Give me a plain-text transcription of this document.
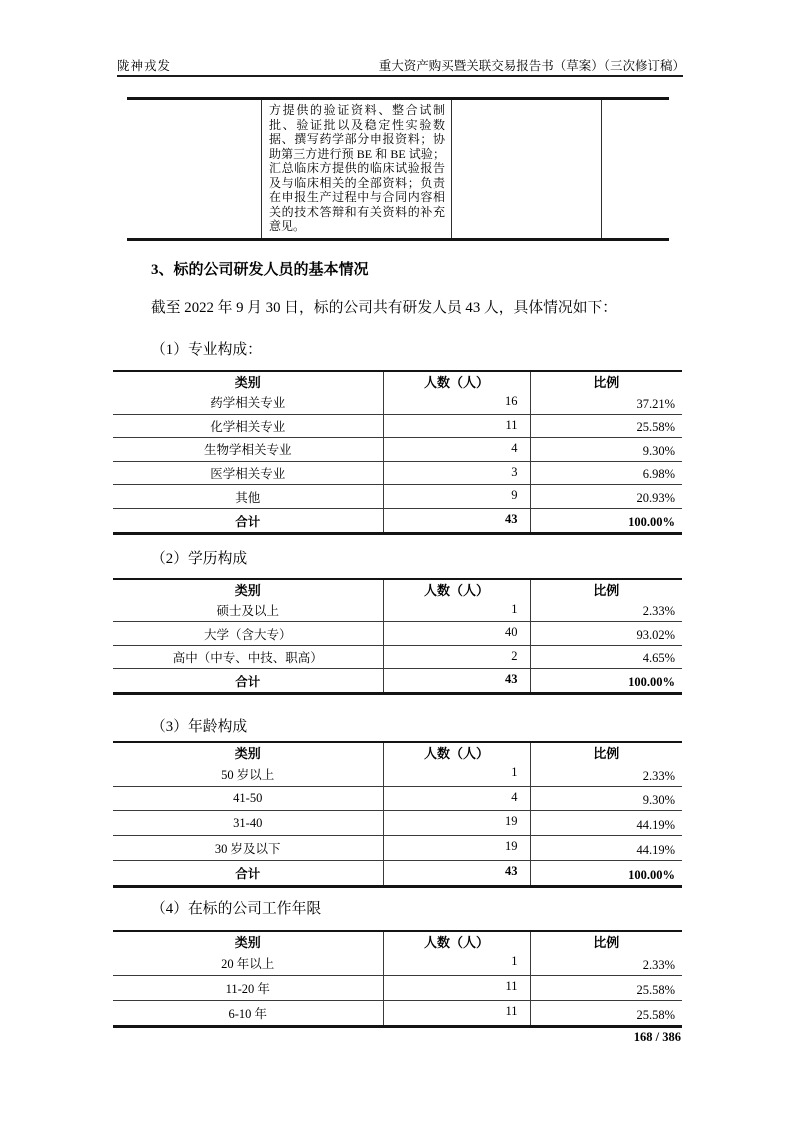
陇神戎发	重大资产购买暨关联交易报告书（草案）（三次修订稿）
方提供的验证资料、整合试制
批、验证批以及稳定性实验数
据、撰写药学部分申报资料；协
助第三方进行预 BE 和 BE 试验；
汇总临床方提供的临床试验报告
及与临床相关的全部资料；负责
在申报生产过程中与合同内容相
关的技术答辩和有关资料的补充
意见。
3、标的公司研发人员的基本情况
截至 2022 年 9 月 30 日，标的公司共有研发人员 43 人，具体情况如下：
（1）专业构成：
类别	人数（人）	比例
药学相关专业	16	37.21%
化学相关专业	11	25.58%
生物学相关专业	4	9.30%
医学相关专业	3	6.98%
其他	9	20.93%
合计	43	100.00%
（2）学历构成
类别	人数（人）	比例
硕士及以上	1	2.33%
大学（含大专）	40	93.02%
高中（中专、中技、职高）	2	4.65%
合计	43	100.00%
（3）年龄构成
类别	人数（人）	比例
50 岁以上	1	2.33%
41-50	4	9.30%
31-40	19	44.19%
30 岁及以下	19	44.19%
合计	43	100.00%
（4）在标的公司工作年限
类别	人数（人）	比例
20 年以上	1	2.33%
11-20 年	11	25.58%
6-10 年	11	25.58%
168 / 386
